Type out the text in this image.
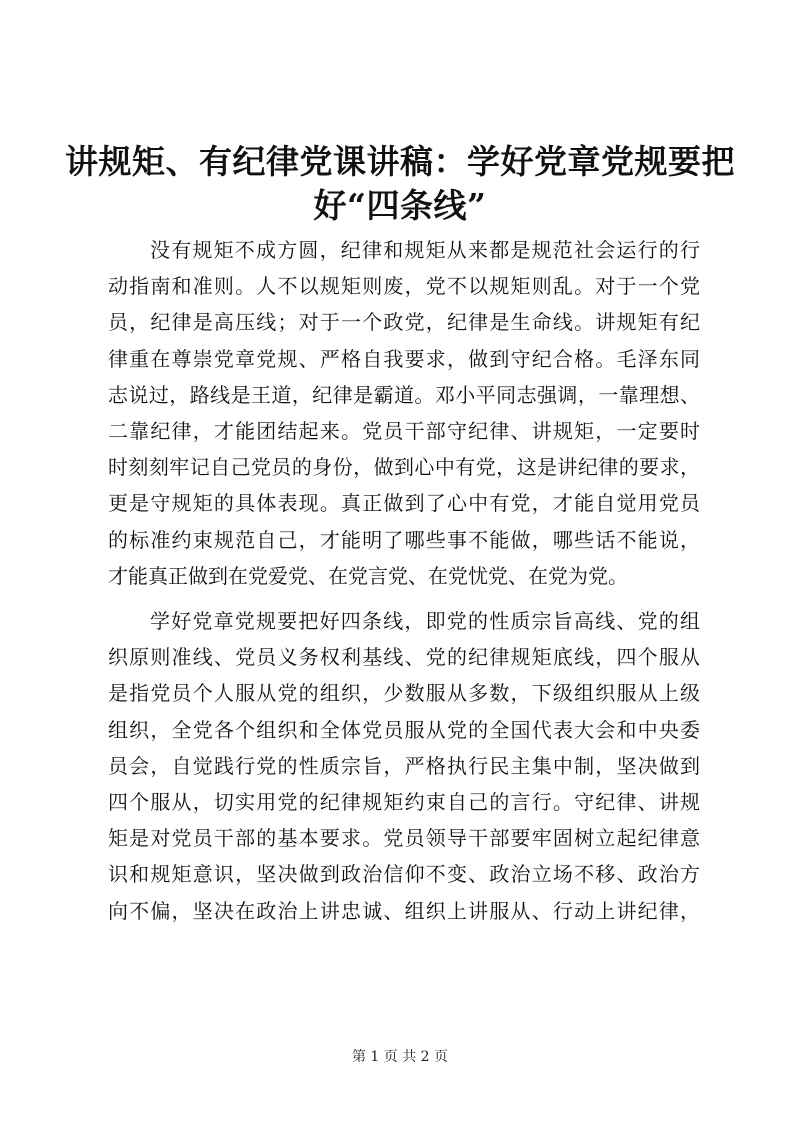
讲规矩、有纪律党课讲稿：学好党章党规要把
好“四条线”
没有规矩不成方圆，纪律和规矩从来都是规范社会运行的行
动指南和准则。人不以规矩则废，党不以规矩则乱。对于一个党
员，纪律是高压线；对于一个政党，纪律是生命线。讲规矩有纪
律重在尊崇党章党规、严格自我要求，做到守纪合格。毛泽东同
志说过，路线是王道，纪律是霸道。邓小平同志强调，一靠理想、
二靠纪律，才能团结起来。党员干部守纪律、讲规矩，一定要时
时刻刻牢记自己党员的身份，做到心中有党，这是讲纪律的要求，
更是守规矩的具体表现。真正做到了心中有党，才能自觉用党员
的标准约束规范自己，才能明了哪些事不能做，哪些话不能说，
才能真正做到在党爱党、在党言党、在党忧党、在党为党。
学好党章党规要把好四条线，即党的性质宗旨高线、党的组
织原则准线、党员义务权利基线、党的纪律规矩底线，四个服从
是指党员个人服从党的组织，少数服从多数，下级组织服从上级
组织，全党各个组织和全体党员服从党的全国代表大会和中央委
员会，自觉践行党的性质宗旨，严格执行民主集中制，坚决做到
四个服从，切实用党的纪律规矩约束自己的言行。守纪律、讲规
矩是对党员干部的基本要求。党员领导干部要牢固树立起纪律意
识和规矩意识，坚决做到政治信仰不变、政治立场不移、政治方
向不偏，坚决在政治上讲忠诚、组织上讲服从、行动上讲纪律，
第 1 页 共 2 页
